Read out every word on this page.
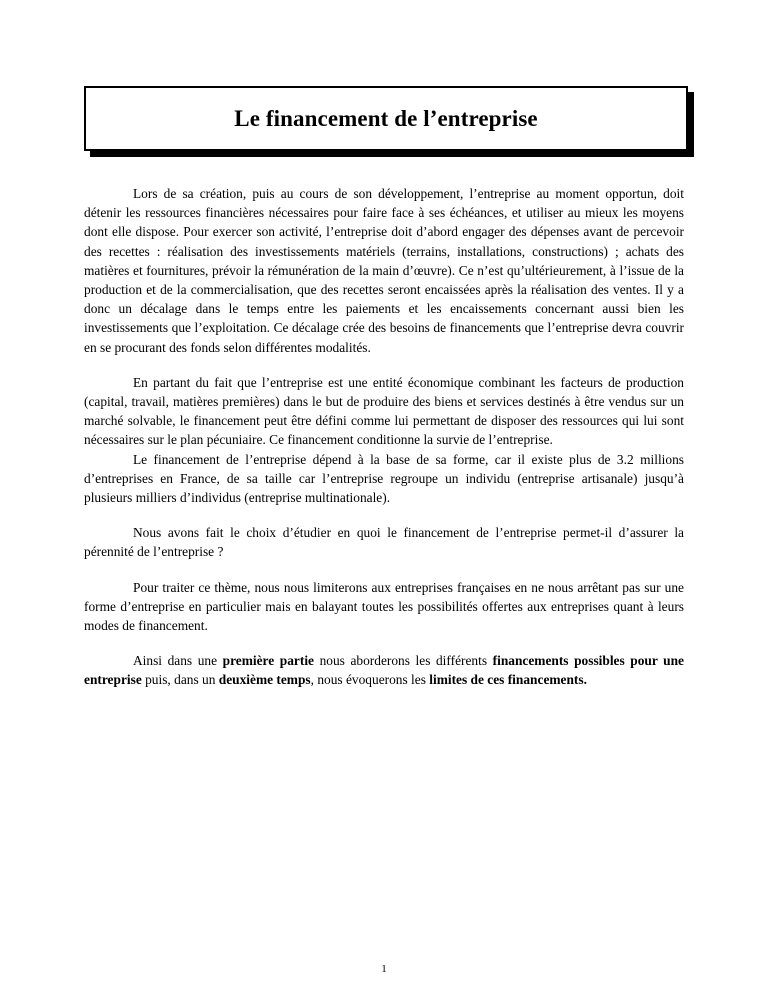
Le financement de l’entreprise

Lors de sa création, puis au cours de son développement, l’entreprise au moment opportun, doit détenir les ressources financières nécessaires pour faire face à ses échéances, et utiliser au mieux les moyens dont elle dispose. Pour exercer son activité, l’entreprise doit d’abord engager des dépenses avant de percevoir des recettes : réalisation des investissements matériels (terrains, installations, constructions) ; achats des matières et fournitures, prévoir la rémunération de la main d’œuvre). Ce n’est qu’ultérieurement, à l’issue de la production et de la commercialisation, que des recettes seront encaissées après la réalisation des ventes. Il y a donc un décalage dans le temps entre les paiements et les encaissements concernant aussi bien les investissements que l’exploitation. Ce décalage crée des besoins de financements que l’entreprise devra couvrir en se procurant des fonds selon différentes modalités.

En partant du fait que l’entreprise est une entité économique combinant les facteurs de production (capital, travail, matières premières) dans le but de produire des biens et services destinés à être vendus sur un marché solvable, le financement peut être défini comme lui permettant de disposer des ressources qui lui sont nécessaires sur le plan pécuniaire. Ce financement conditionne la survie de l’entreprise.

Le financement de l’entreprise dépend à la base de sa forme, car il existe plus de 3.2 millions d’entreprises en France, de sa taille car l’entreprise regroupe un individu (entreprise artisanale) jusqu’à plusieurs milliers d’individus (entreprise multinationale).

Nous avons fait le choix d’étudier en quoi le financement de l’entreprise permet-il d’assurer la pérennité de l’entreprise ?

Pour traiter ce thème, nous nous limiterons aux entreprises françaises en ne nous arrêtant pas sur une forme d’entreprise en particulier mais en balayant toutes les possibilités offertes aux entreprises quant à leurs modes de financement.

Ainsi dans une première partie nous aborderons les différents financements possibles pour une entreprise puis, dans un deuxième temps, nous évoquerons les limites de ces financements.

1
